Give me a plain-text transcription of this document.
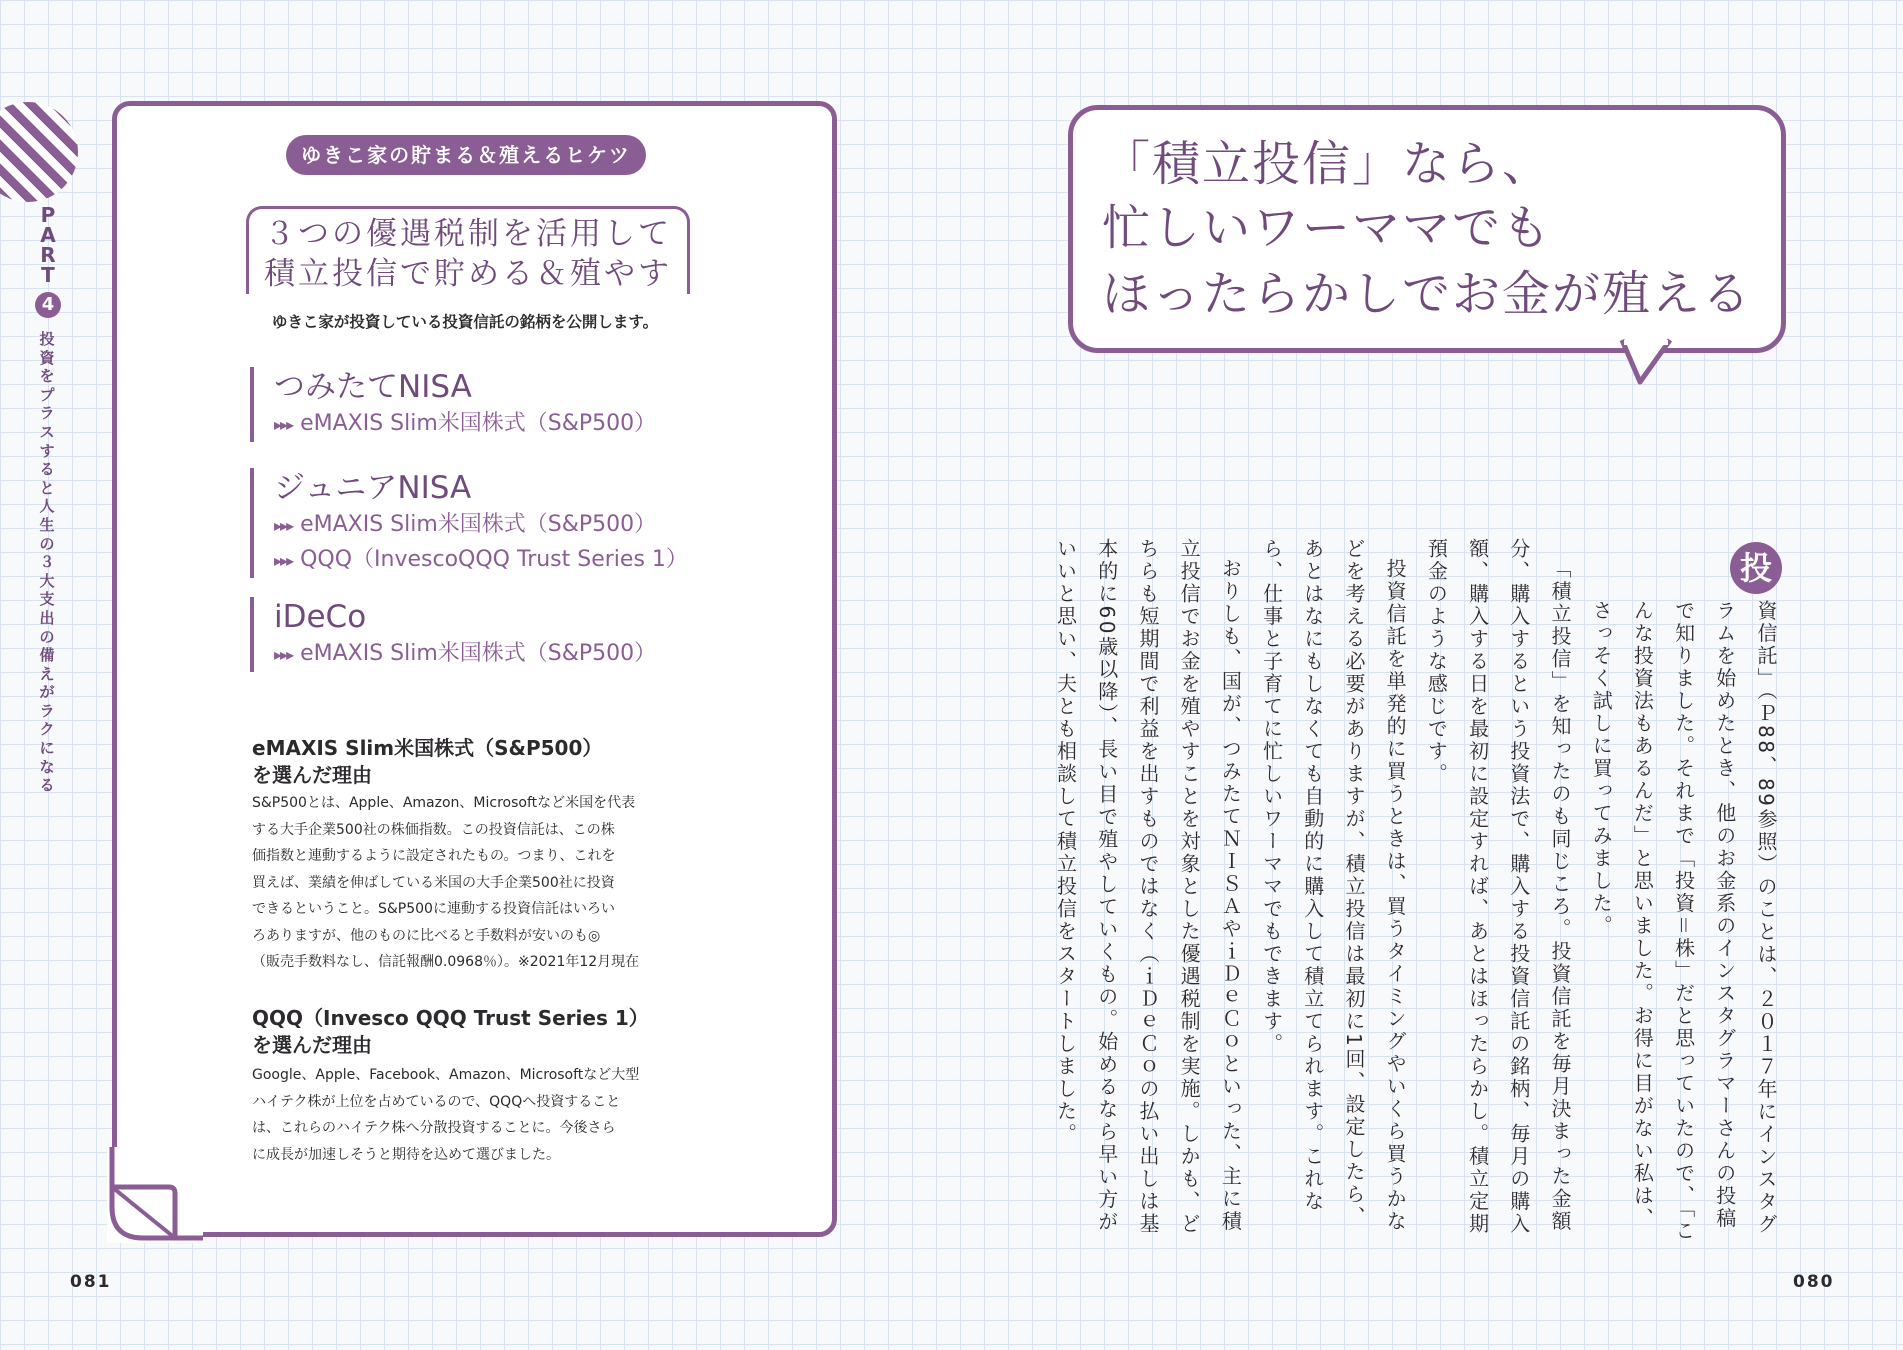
PART
4
投資をプラスすると人生の３大支出の備えがラクになる
ゆきこ家の貯まる＆殖えるヒケツ
３つの優遇税制を活用して
積立投信で貯める＆殖やす
ゆきこ家が投資している投資信託の銘柄を公開します。
つみたてNISA
▸▸▸ eMAXIS Slim米国株式（S&P500）
ジュニアNISA
▸▸▸ eMAXIS Slim米国株式（S&P500）
▸▸▸ QQQ（InvescoQQQ Trust Series 1）
iDeCo
▸▸▸ eMAXIS Slim米国株式（S&P500）
eMAXIS Slim米国株式（S&P500）
を選んだ理由
S&P500とは、Apple、Amazon、Microsoftなど米国を代表
する大手企業500社の株価指数。この投資信託は、この株
価指数と連動するように設定されたもの。つまり、これを
買えば、業績を伸ばしている米国の大手企業500社に投資
できるということ。S&P500に連動する投資信託はいろい
ろありますが、他のものに比べると手数料が安いのも◎
（販売手数料なし、信託報酬0.0968％）。※2021年12月現在
QQQ（Invesco QQQ Trust Series 1）
を選んだ理由
Google、Apple、Facebook、Amazon、Microsoftなど大型
ハイテク株が上位を占めているので、QQQへ投資すること
は、これらのハイテク株へ分散投資することに。今後さら
に成長が加速しそうと期待を込めて選びました。
081
「積立投信」なら、
忙しいワーママでも
ほったらかしでお金が殖える
投

資信託」（Ｐ88、89参照）のことは、２０１７年にインスタグラムを始めたとき、他のお金系のインスタグラマーさんの投稿で知りました。それまで「投資＝株」だと思っていたので、「こんな投資法もあるんだ」と思いました。お得に目がない私は、さっそく試しに買ってみました。

「積立投信」を知ったのも同じころ。投資信託を毎月決まった金額分、購入するという投資法で、購入する投資信託の銘柄、毎月の購入額、購入する日を最初に設定すれば、あとはほったらかし。積立定期預金のような感じです。

投資信託を単発的に買うときは、買うタイミングやいくら買うかなどを考える必要がありますが、積立投信は最初に1回、設定したら、あとはなにもしなくても自動的に購入して積立てられます。これなら、仕事と子育てに忙しいワーママでもできます。

おりしも、国が、つみたてＮＩＳＡやｉＤｅＣｏといった、主に積立投信でお金を殖やすことを対象とした優遇税制を実施。しかも、どちらも短期間で利益を出すものではなく（ｉＤｅＣｏの払い出しは基本的に60歳以降）、長い目で殖やしていくもの。始めるなら早い方がいいと思い、夫とも相談して積立投信をスタートしました。

080
